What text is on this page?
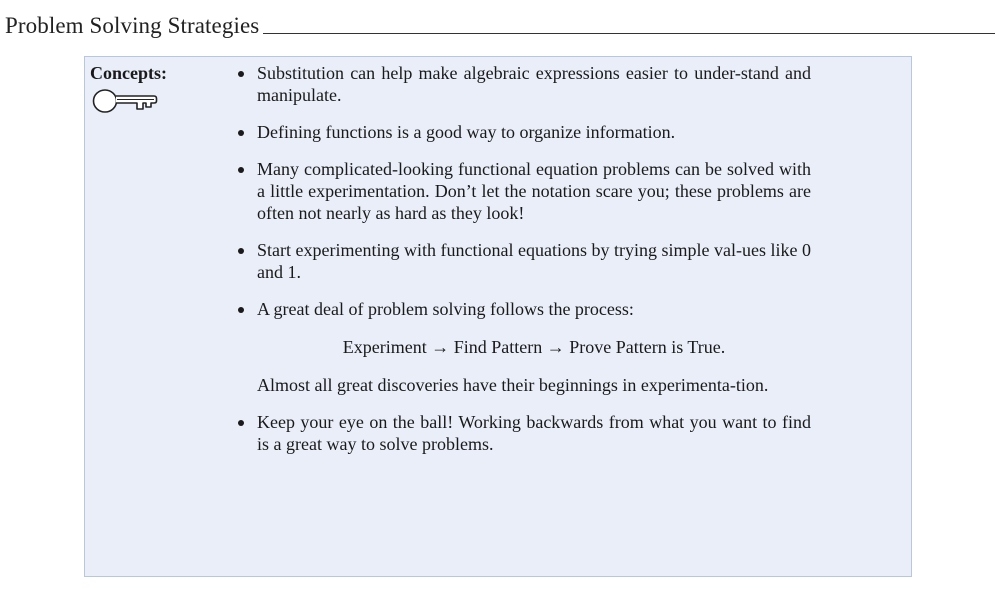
Problem Solving Strategies
Concepts:	Substitution can help make algebraic expressions easier to under-stand and manipulate.
Defining functions is a good way to organize information.
Many complicated-looking functional equation problems can be solved with a little experimentation. Don’t let the notation scare you; these problems are often not nearly as hard as they look!
Start experimenting with functional equations by trying simple val-ues like 0 and 1.
A great deal of problem solving follows the process:
Experiment → Find Pattern → Prove Pattern is True.
Almost all great discoveries have their beginnings in experimenta-tion.
Keep your eye on the ball! Working backwards from what you want to find is a great way to solve problems.
